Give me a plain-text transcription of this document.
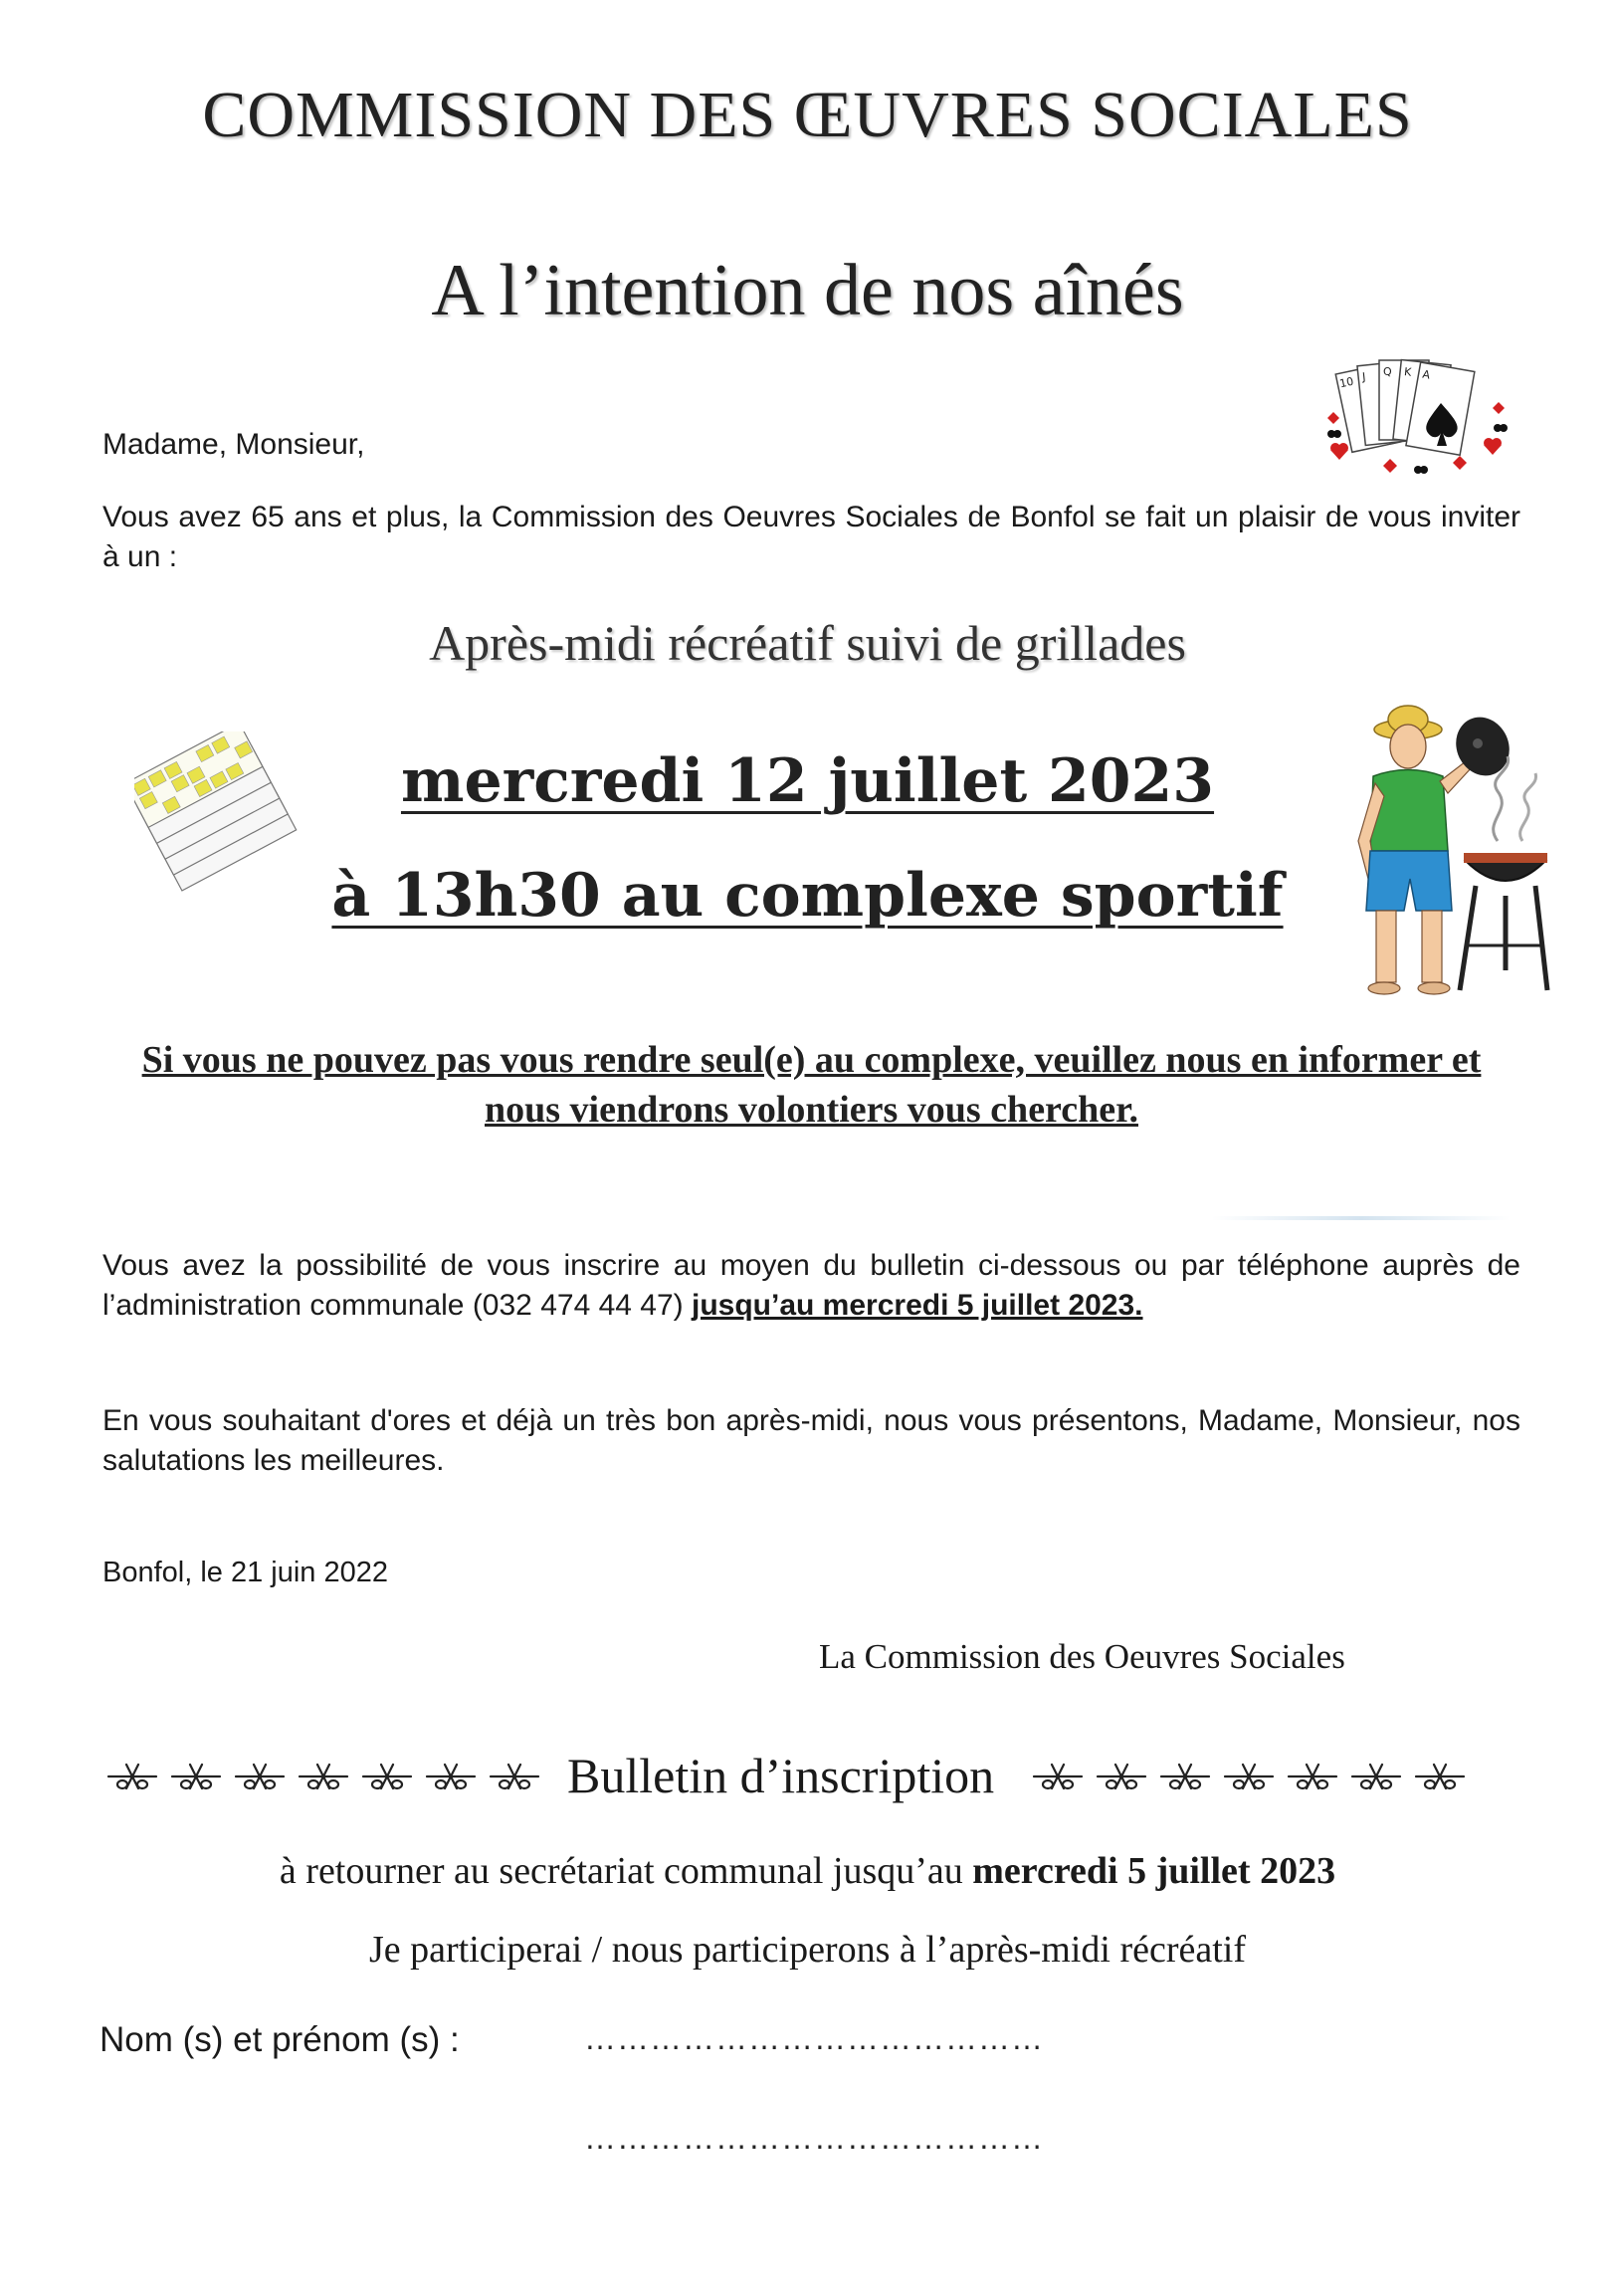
COMMISSION DES ŒUVRES SOCIALES
A l’intention de nos aînés
10 J Q K A
Madame, Monsieur,
Vous avez 65 ans et plus, la Commission des Oeuvres Sociales de Bonfol se fait un plaisir de vous inviter à un :
Après-midi récréatif suivi de grillades
mercredi 12 juillet 2023
à 13h30 au complexe sportif
Si vous ne pouvez pas vous rendre seul(e) au complexe, veuillez nous en informer et nous viendrons volontiers vous chercher.
Vous avez la possibilité de vous inscrire au moyen du bulletin ci-dessous ou par téléphone auprès de l’administration communale (032 474 44 47) jusqu’au mercredi 5 juillet 2023.
En vous souhaitant d'ores et déjà un très bon après-midi, nous vous présentons, Madame, Monsieur, nos salutations les meilleures.
Bonfol, le 21 juin 2022
La Commission des Oeuvres Sociales
Bulletin d’inscription
à retourner au secrétariat communal jusqu’au mercredi 5 juillet 2023
Je participerai / nous participerons à l’après-midi récréatif
Nom (s) et prénom (s) :	……………………………………
……………………………………
